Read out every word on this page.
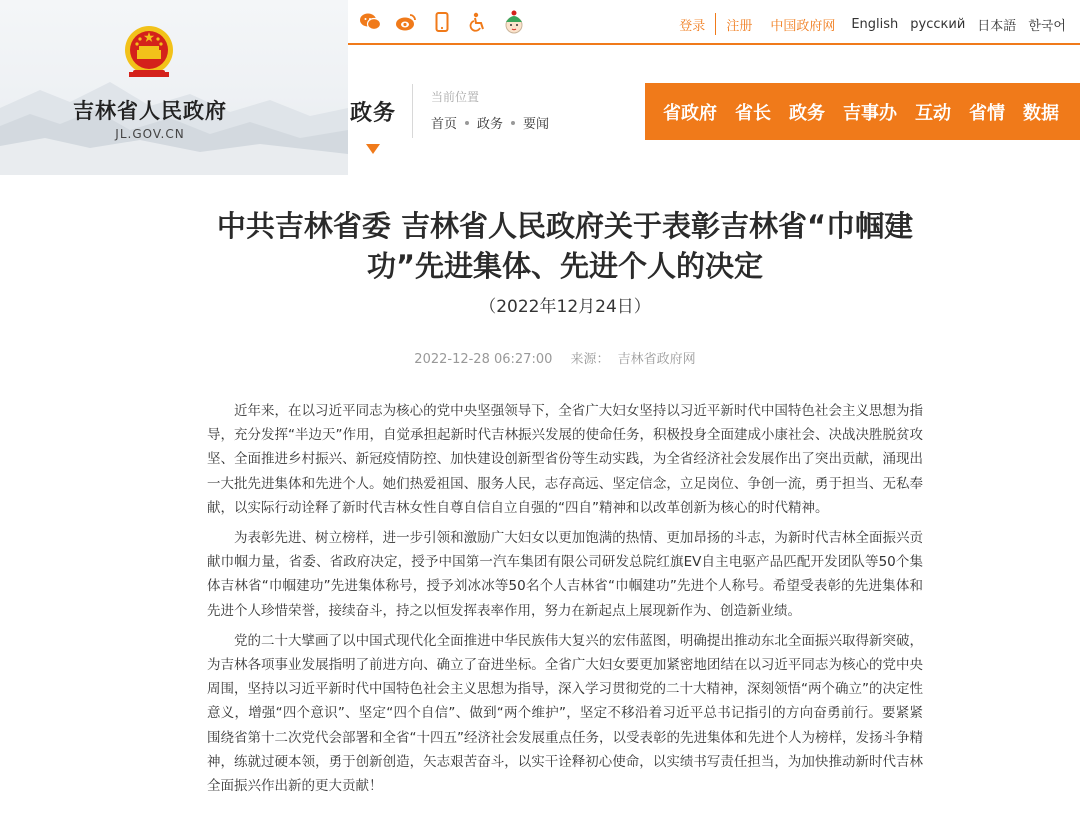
吉林省人民政府
JL.GOV.CN
登录 注册 中国政府网 English русский 日本語 한국어
政务
当前位置
首页 政务 要闻
省政府 省长 政务 吉事办 互动 省情 数据
中共吉林省委 吉林省人民政府关于表彰吉林省“巾帼建功”先进集体、先进个人的决定
（2022年12月24日）
2022-12-28 06:27:00 来源： 吉林省政府网

近年来，在以习近平同志为核心的党中央坚强领导下，全省广大妇女坚持以习近平新时代中国特色社会主义思想为指导，充分发挥“半边天”作用，自觉承担起新时代吉林振兴发展的使命任务，积极投身全面建成小康社会、决战决胜脱贫攻坚、全面推进乡村振兴、新冠疫情防控、加快建设创新型省份等生动实践，为全省经济社会发展作出了突出贡献，涌现出一大批先进集体和先进个人。她们热爱祖国、服务人民，志存高远、坚定信念，立足岗位、争创一流，勇于担当、无私奉献，以实际行动诠释了新时代吉林女性自尊自信自立自强的“四自”精神和以改革创新为核心的时代精神。

为表彰先进、树立榜样，进一步引领和激励广大妇女以更加饱满的热情、更加昂扬的斗志，为新时代吉林全面振兴贡献巾帼力量，省委、省政府决定，授予中国第一汽车集团有限公司研发总院红旗EV自主电驱产品匹配开发团队等50个集体吉林省“巾帼建功”先进集体称号，授予刘冰冰等50名个人吉林省“巾帼建功”先进个人称号。希望受表彰的先进集体和先进个人珍惜荣誉，接续奋斗，持之以恒发挥表率作用，努力在新起点上展现新作为、创造新业绩。

党的二十大擘画了以中国式现代化全面推进中华民族伟大复兴的宏伟蓝图，明确提出推动东北全面振兴取得新突破，为吉林各项事业发展指明了前进方向、确立了奋进坐标。全省广大妇女要更加紧密地团结在以习近平同志为核心的党中央周围，坚持以习近平新时代中国特色社会主义思想为指导，深入学习贯彻党的二十大精神，深刻领悟“两个确立”的决定性意义，增强“四个意识”、坚定“四个自信”、做到“两个维护”，坚定不移沿着习近平总书记指引的方向奋勇前行。要紧紧围绕省第十二次党代会部署和全省“十四五”经济社会发展重点任务，以受表彰的先进集体和先进个人为榜样，发扬斗争精神，练就过硬本领，勇于创新创造，矢志艰苦奋斗，以实干诠释初心使命，以实绩书写责任担当，为加快推动新时代吉林全面振兴作出新的更大贡献！
